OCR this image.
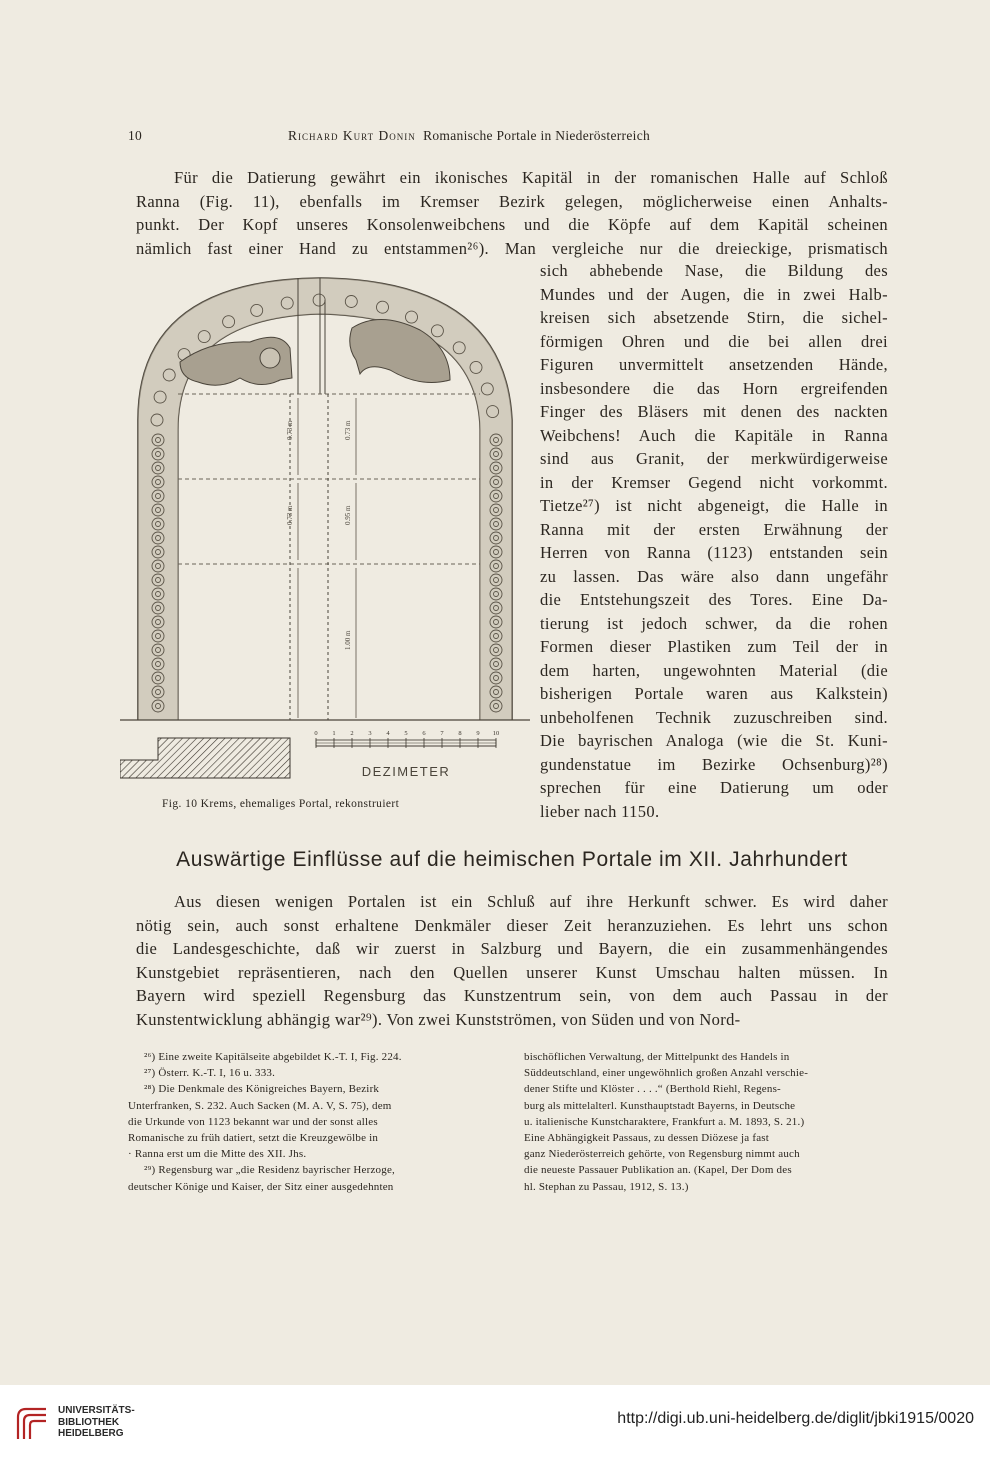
10	Richard Kurt Donin Romanische Portale in Niederösterreich
Für die Datierung gewährt ein ikonisches Kapitäl in der romanischen Halle auf Schloß
Ranna (Fig. 11), ebenfalls im Kremser Bezirk gelegen, möglicherweise einen Anhalts-
punkt. Der Kopf unseres Konsolenweibchens und die Köpfe auf dem Kapitäl scheinen
nämlich fast einer Hand zu entstammen²⁶). Man vergleiche nur die dreieckige, prismatisch
0.73 m	0.73 m
0.73 m	0.95 m
1.00 m
0 1 2 3 4 5 6 7 8 9 10
DEZIMETER
Fig. 10 Krems, ehemaliges Portal, rekonstruiert
sich abhebende Nase, die Bildung des
Mundes und der Augen, die in zwei Halb-
kreisen sich absetzende Stirn, die sichel-
förmigen Ohren und die bei allen drei
Figuren unvermittelt ansetzenden Hände,
insbesondere die das Horn ergreifenden
Finger des Bläsers mit denen des nackten
Weibchens! Auch die Kapitäle in Ranna
sind aus Granit, der merkwürdigerweise
in der Kremser Gegend nicht vorkommt.
Tietze²⁷) ist nicht abgeneigt, die Halle in
Ranna mit der ersten Erwähnung der
Herren von Ranna (1123) entstanden sein
zu lassen. Das wäre also dann ungefähr
die Entstehungszeit des Tores. Eine Da-
tierung ist jedoch schwer, da die rohen
Formen dieser Plastiken zum Teil der in
dem harten, ungewohnten Material (die
bisherigen Portale waren aus Kalkstein)
unbeholfenen Technik zuzuschreiben sind.
Die bayrischen Analoga (wie die St. Kuni-
gundenstatue im Bezirke Ochsenburg)²⁸)
sprechen für eine Datierung um oder
lieber nach 1150.
Auswärtige Einflüsse auf die heimischen Portale im XII. Jahrhundert
Aus diesen wenigen Portalen ist ein Schluß auf ihre Herkunft schwer. Es wird daher
nötig sein, auch sonst erhaltene Denkmäler dieser Zeit heranzuziehen. Es lehrt uns schon
die Landesgeschichte, daß wir zuerst in Salzburg und Bayern, die ein zusammenhängendes
Kunstgebiet repräsentieren, nach den Quellen unserer Kunst Umschau halten müssen. In
Bayern wird speziell Regensburg das Kunstzentrum sein, von dem auch Passau in der
Kunstentwicklung abhängig war²⁹). Von zwei Kunstströmen, von Süden und von Nord-

²⁶) Eine zweite Kapitälseite abgebildet K.-T. I, Fig. 224.

²⁷) Österr. K.-T. I, 16 u. 333.

²⁸) Die Denkmale des Königreiches Bayern, Bezirk

Unterfranken, S. 232. Auch Sacken (M. A. V, S. 75), dem

die Urkunde von 1123 bekannt war und der sonst alles

Romanische zu früh datiert, setzt die Kreuzgewölbe in

· Ranna erst um die Mitte des XII. Jhs.

²⁹) Regensburg war „die Residenz bayrischer Herzoge,

deutscher Könige und Kaiser, der Sitz einer ausgedehnten

bischöflichen Verwaltung, der Mittelpunkt des Handels in

Süddeutschland, einer ungewöhnlich großen Anzahl verschie-

dener Stifte und Klöster . . . .“ (Berthold Riehl, Regens-

burg als mittelalterl. Kunsthauptstadt Bayerns, in Deutsche

u. italienische Kunstcharaktere, Frankfurt a. M. 1893, S. 21.)

Eine Abhängigkeit Passaus, zu dessen Diözese ja fast

ganz Niederösterreich gehörte, von Regensburg nimmt auch

die neueste Passauer Publikation an. (Kapel, Der Dom des

hl. Stephan zu Passau, 1912, S. 13.)

UNIVERSITÄTS-
BIBLIOTHEK
HEIDELBERG
http://digi.ub.uni-heidelberg.de/diglit/jbki1915/0020
